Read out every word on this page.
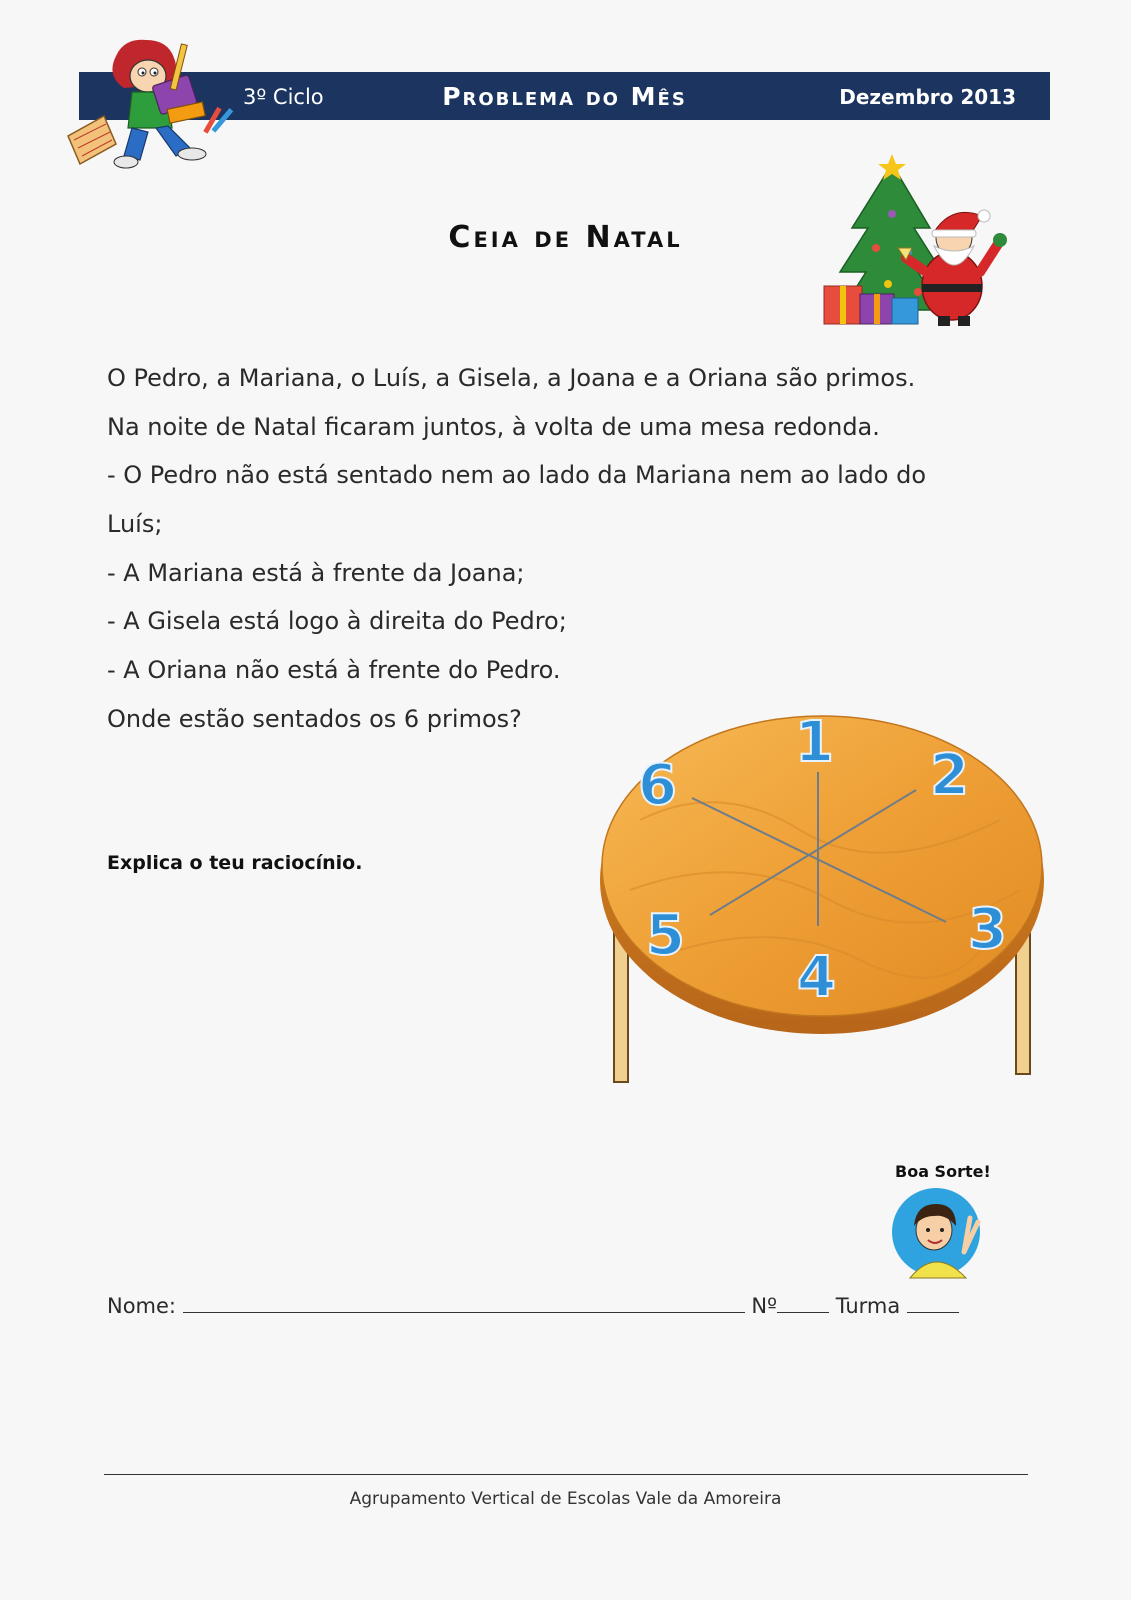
3º Ciclo	Problema do Mês	Dezembro 2013
Ceia de Natal
O Pedro, a Mariana, o Luís, a Gisela, a Joana e a Oriana são primos.
Na noite de Natal ficaram juntos, à volta de uma mesa redonda.
- O Pedro não está sentado nem ao lado da Mariana nem ao lado do
Luís;
- A Mariana está à frente da Joana;
- A Gisela está logo à direita do Pedro;
- A Oriana não está à frente do Pedro.
Onde estão sentados os 6 primos?
Explica o teu raciocínio.
1
2
3
4
5
6
Boa Sorte!
Nome:	Nº	Turma
Agrupamento Vertical de Escolas Vale da Amoreira
